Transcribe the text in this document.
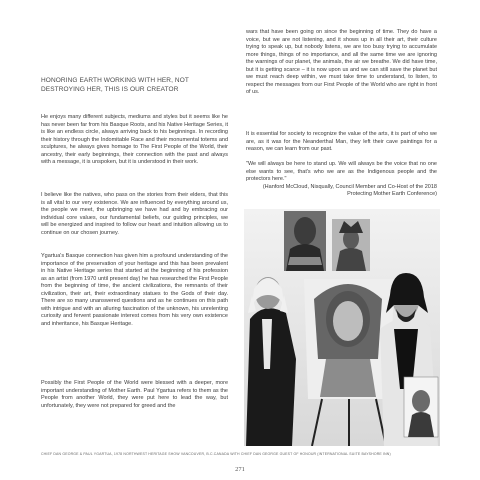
HONORING EARTH WORKING WITH HER, NOT
DESTROYING HER, THIS IS OUR CREATOR

He enjoys many different subjects, mediums and styles but it seems like he has never been far from his Basque Roots, and his Native Heritage Series, it is like an endless circle, always arriving back to his beginnings. In recording their history through the Indomitable Race and their monumental totems and sculptures, he always gives homage to The First People of the World, their ancestry, their early beginnings, their connection with the past and always with a message, it is unspoken, but it is understood in their work.

I believe like the natives, who pass on the stories from their elders, that this is all vital to our very existence. We are influenced by everything around us, the people we meet, the upbringing we have had and by embracing our individual core values, our fundamental beliefs, our guiding principles, we will be energized and inspired to follow our heart and intuition allowing us to continue on our chosen journey.

Ygartua's Basque connection has given him a profound understanding of the importance of the preservation of your heritage and this has been prevalent in his Native Heritage series that started at the beginning of his profession as an artist (from 1970 until present day) he has researched the First People from the beginning of time, the ancient civilizations, the remnants of their civilization, their art, their extraordinary statues to the Gods of their day. There are so many unanswered questions and as he continues on this path with intrigue and with an alluring fascination of the unknown, his unrelenting curiosity and fervent passionate interest comes from his very own existence and inheritance, his Basque Heritage.

Possibly the First People of the World were blessed with a deeper, more important understanding of Mother Earth. Paul Ygartua refers to them as the People from another World, they were put here to lead the way, but unfortunately, they were not prepared for greed and the

wars that have been going on since the beginning of time. They do have a voice, but we are not listening, and it shows up in all their art, their culture trying to speak up, but nobody listens, we are too busy trying to accumulate more things, things of no importance, and all the same time we are ignoring the warnings of our planet, the animals, the air we breathe. We did have time, but it is getting scarce – it is now upon us and we can still save the planet but we must reach deep within, we must take time to understand, to listen, to respect the messages from our First People of the World who are right in front of us.

It is essential for society to recognize the value of the arts, it is part of who we are, as it was for the Neanderthal Man, they left their cave paintings for a reason, we can learn from our past.

"We will always be here to stand up. We will always be the voice that no one else wants to see, that's who we are as the Indigenous people and the protectors here."

(Hanford McCloud, Nisqually, Council Member and Co-Host of the 2018

Protecting Mother Earth Conference)

CHIEF DAN GEORGE & PAUL YGARTUA, 1978 NORTHWEST HERITAGE SHOW VANCOUVER, B.C.CANADA WITH CHIEF DAN GEORGE GUEST OF HONOUR (INTERNATIONAL SUITE BAYSHORE INN)
271
